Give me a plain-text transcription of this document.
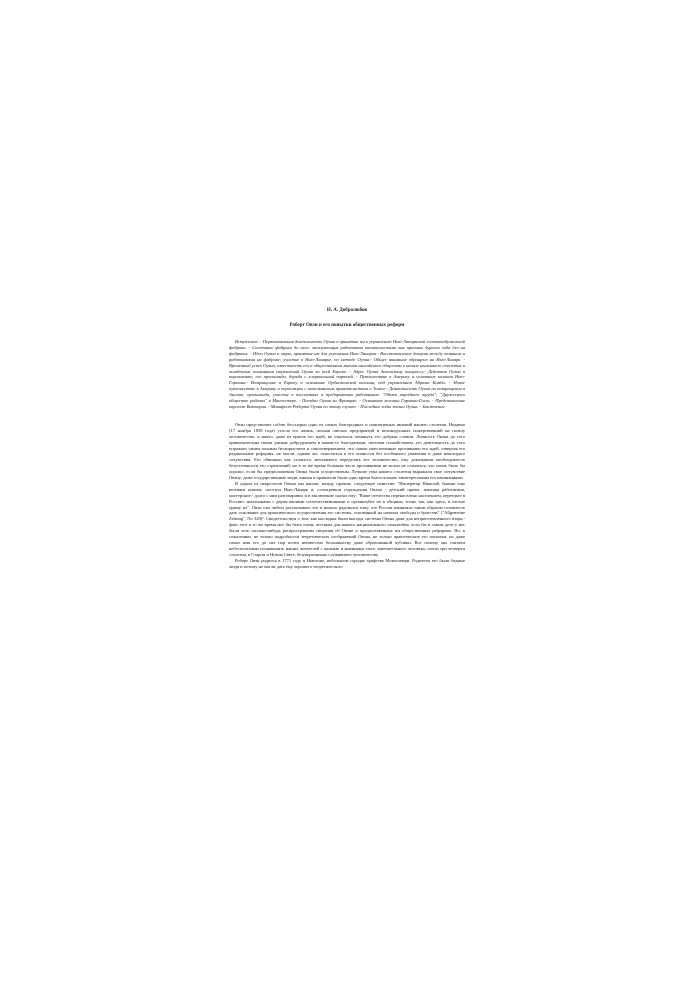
Н. А. Добролюбов
Роберт Овэн и его попытки общественных реформ
Вступление. - Первоначальная деятельность Оуэна в принятии им к управлению Нью-Ланаркской хлопчатобумажной фабрики. - Состояние фабрики до него: эксплуатация работников капиталистами как причины дурного хода дел на фабриках. - Идеи Оуэна и меры, принятые им для улучшения Нью-Ланарка.- Восстановление доверия между хозяином и работниками на фабрике; участие в Нью-Ланарке, по методе Оуэна.- Общее внимание обращено на Нью-Ланарк. - Временный успех Оуэна, известность его в общественном мнении английского общества в начале нынешнего столетия и ошибочные понимания стремлений Оуэна во всей Европе. - Адрес Оуэна Аахенскому конгрессу.- Действия Оуэна в парламенте, его пропаганда, борьба с клерикальной партией. - Путешествие в Америку и основание колонии Нью-Гармони.- Возвращение в Европу и основание Орбистонской колонии, под управлением Абрама Комба. - Новое путешествие в Америку и переговоры с мексиканским правительством о Техасе.- Деятельность Оуэна по возвращении в Англию: пропаганда, участие в восстаниях и предприятиях работников: "Обмен народного труда"; "Дружеского общество рабочих" в Манчестере. - Поездка Оуэна во Францию. - Основание колонии Гармони-Голль. - Представление королеве Виктории. - Манифест Роберта Оуэна по этому случаю. - Последние годы жизни Оуэна. - Заключение.

Овэн представляет собою бесспорно одно из самых благородных и симпатичных явлений нашего столетия. Недавно (17 ноября 1858 года) угасла его жизнь, полная смелых предприятий и великодушных пожертвований на пользу человечества, и никто, даже из врагов его идей, не отказался помянуть его добрым словом. Личность Овэна до того привлекательна своим умным добродушием и каким-то благодатным, светлым спокойствием, его деятельность до того поражает своим полным бескорыстием и самоотвержением, что самые ожесточенные противники его идей, отвергая его радикальные реформы, не могли, однако же, относиться к его личности без особенного уважения и даже некоторого сочувствия. Его обвиняли как утописта, мечтавшего переделать все человечество, ему доказывали необходимость безуспешности его стремлений; но в то же время большая часть противников не могли не сознаться, что очень было бы хорошо, если бы предположения Овэна были осуществлены. Лучшие умы нашего столетия выражали свое сочувствие Овэну; даже государственные люди, князья и правители были одно время благосклонно заинтересованы его начинаниями.

В одном из некрологов Овэна мы нашли, между прочим, следующее известие: "Император Николай, бывши еще великим князем, посетил Нью-Ланарк и, осмотревши учреждения Овэна - детский приют, жилища работников, мастерские,- долго с ним разговаривал и в заключение сказал ему: "Ваше отечество перенаселено населением, переедьте в Россию: миллионами с двумя вашими соотечественниками и организуйте их в общины, точно так, как здесь, в охотно приму их". Овэн сам любил рассказывать это и немало радовался тому, что Россия изъявляла таким образом готовность дать основание для практического осуществления его системы, основанной на началах свободы и братства" ("Allgemeine Zeitung", No 328)¹. Свидетельствуя о том, как насладны были выгоды системы Овэна даже для неприготовленного взора,- факт этот в то же время мог бы быть очень лестным для нашего национального самолюбия, если бы в самом деле у нас были хоть сколько-нибудь распространены сведения об Овэне и предположенных им общественных реформах. Но, к сожалению, не только подробности теоретических соображений Овэна, не только практические его попытки, но даже самое имя его до сих пор почти неизвестно большинству даже образованной публики. Вот почему мы считаем небесполезным познакомить наших читателей с жизнью и мнениями этого замечательного человека, почти три четверти столетия, в Старом и Новом Свете, безукоризненно служившего человечеству.

Роберт Овэн родился в 1771 году в Ньютоне, небольшом городке графства Монтгомери. Родители его были бедные люди и потому не могли дать ему хорошего теоретического
